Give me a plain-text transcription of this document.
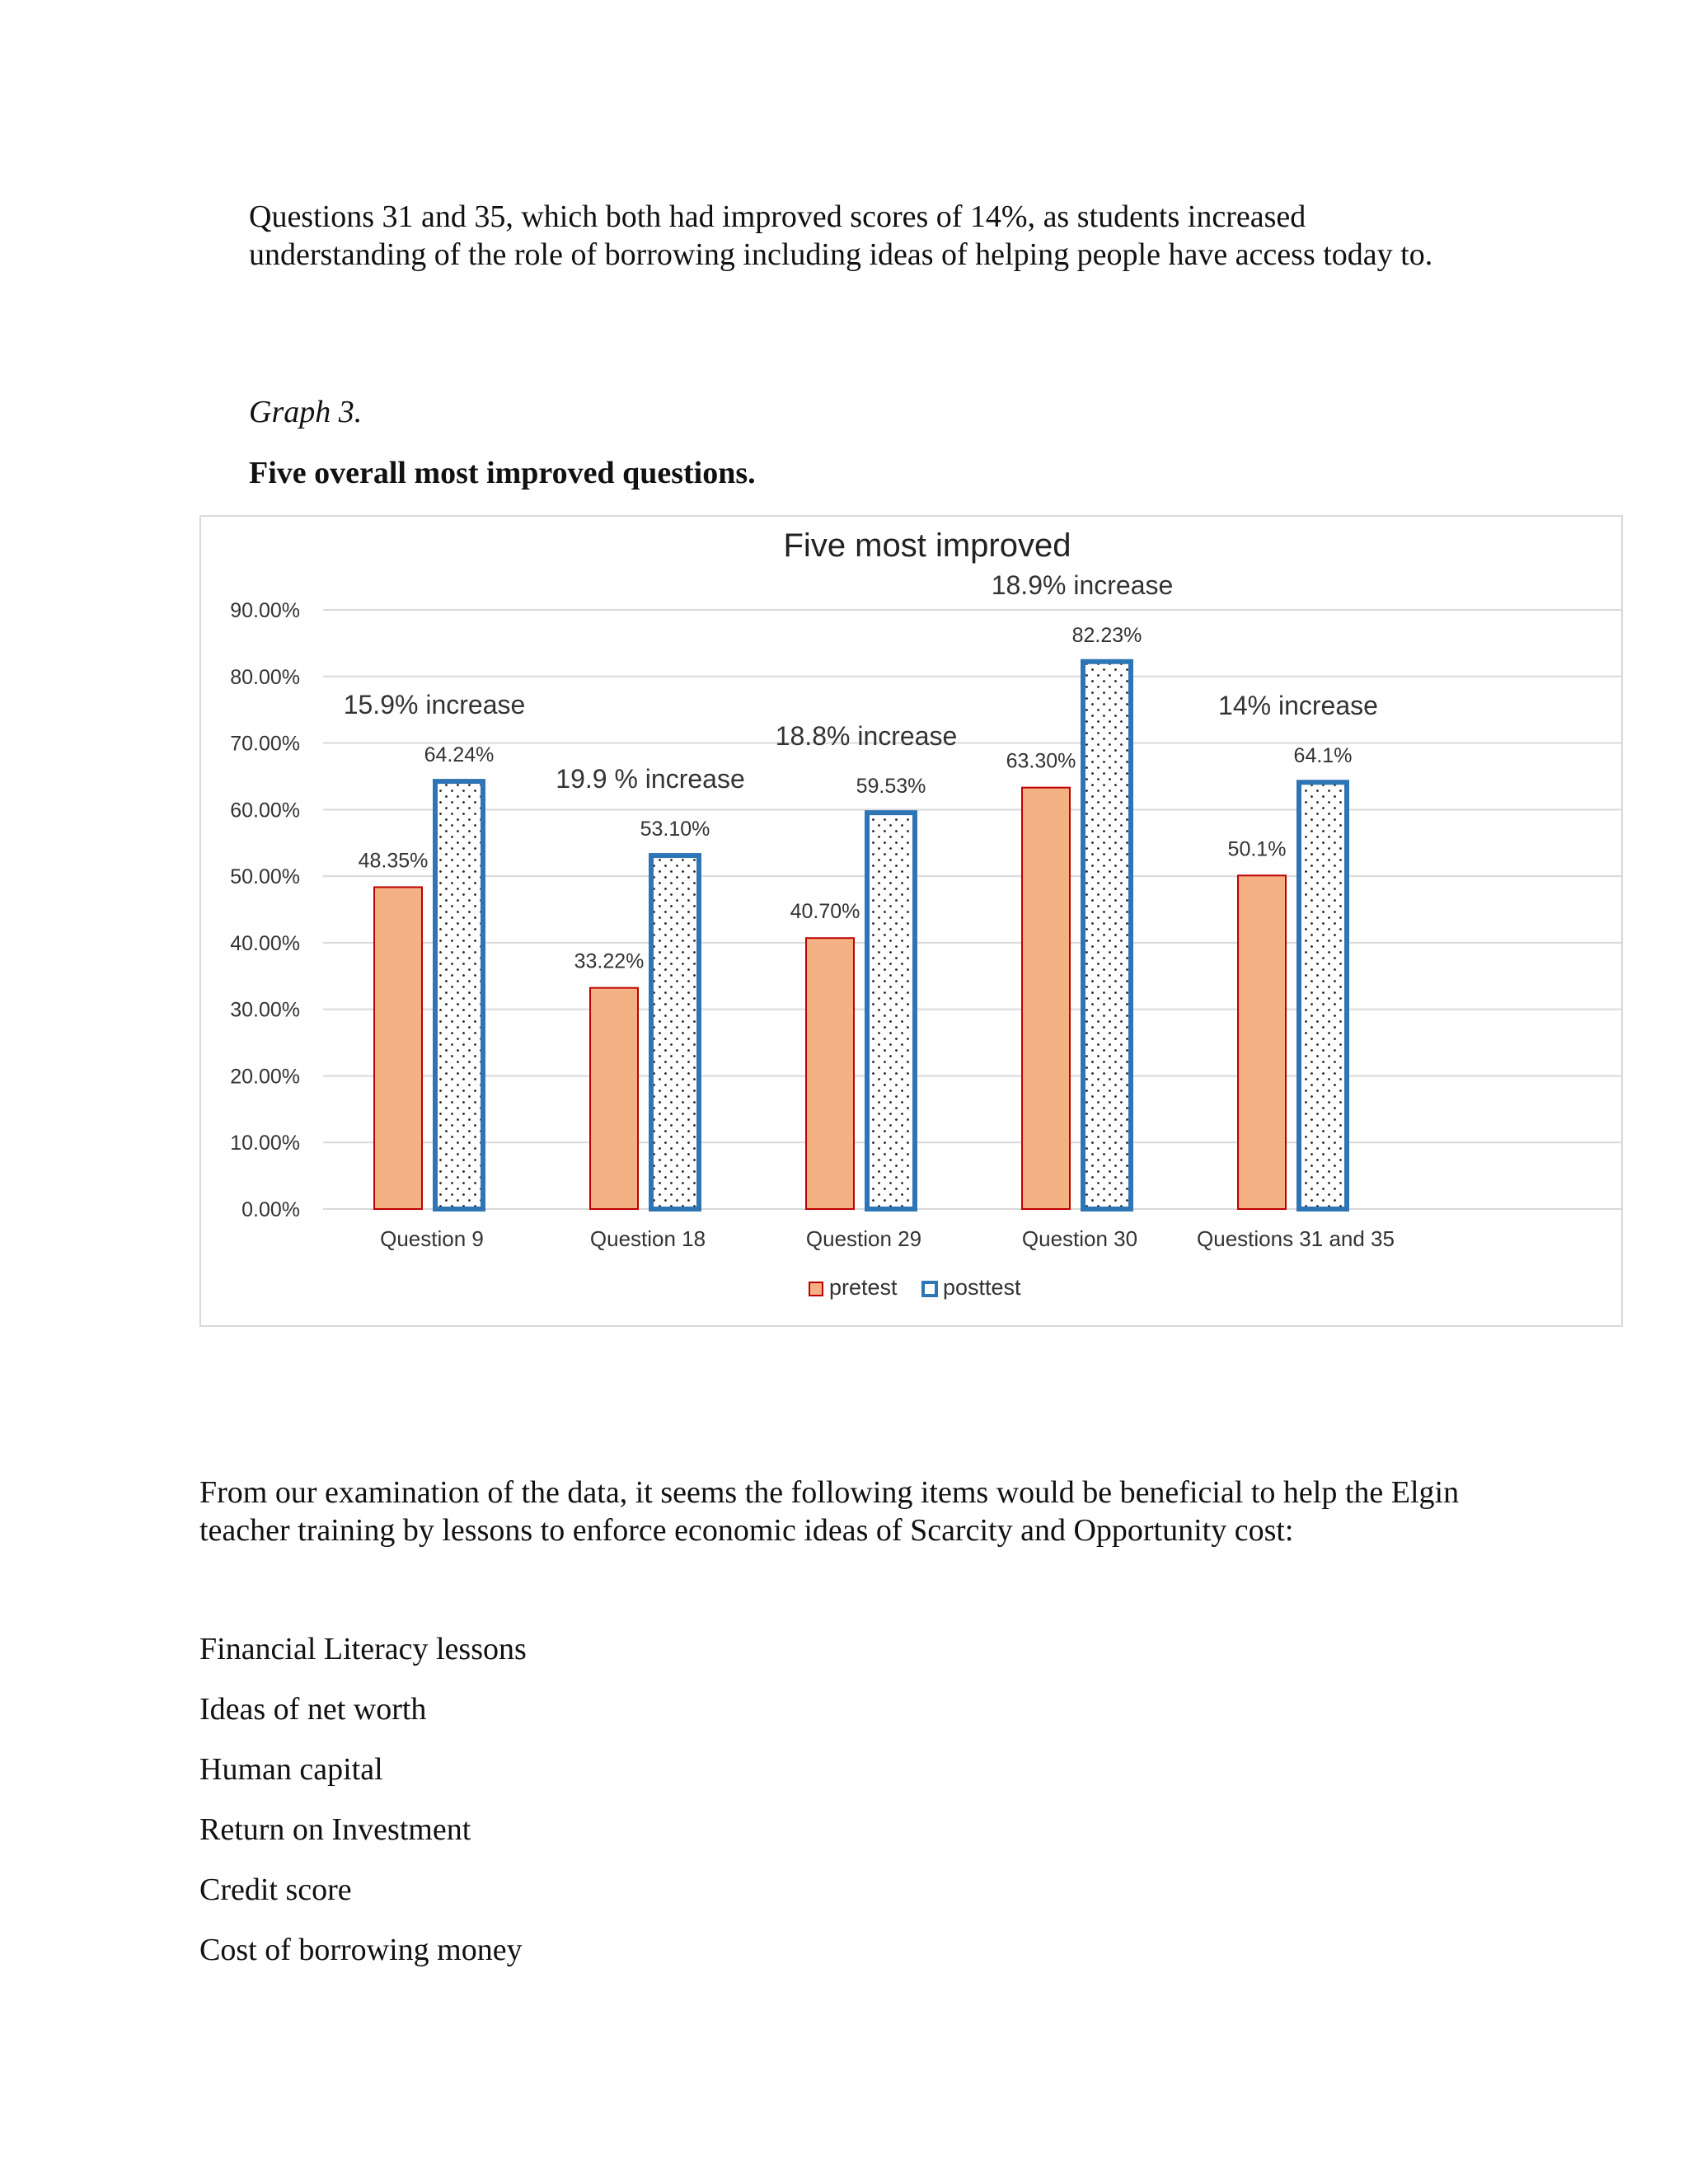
Questions 31 and 35, which both had improved scores of 14%, as students increased understanding of the role of borrowing including ideas of helping people have access today to.
Graph 3.
Five overall most improved questions.
0.00%
10.00%
20.00%
30.00%
40.00%
50.00%
60.00%
70.00%
80.00%
90.00%
48.35%
64.24%
15.9% increase
Question 9
33.22%
53.10%
19.9 % increase
Question 18
40.70%
59.53%
18.8% increase
Question 29
63.30%
82.23%
18.9% increase
Question 30
50.1%
64.1%
14% increase
Questions 31 and 35
Five most improved
pretest posttest
From our examination of the data, it seems the following items would be beneficial to help the Elgin teacher training by lessons to enforce economic ideas of Scarcity and Opportunity cost:
Financial Literacy lessons
Ideas of net worth
Human capital
Return on Investment
Credit score
Cost of borrowing money
